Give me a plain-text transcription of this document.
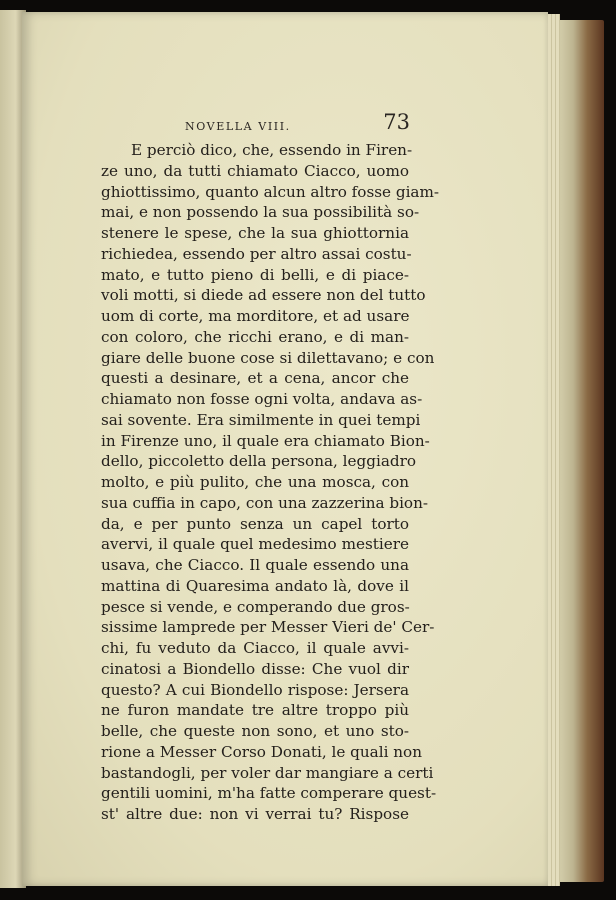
NOVELLA VIII.	73
E perciò dico, che, essendo in Firen-
ze uno, da tutti chiamato Ciacco, uomo
ghiottissimo, quanto alcun altro fosse giam-
mai, e non possendo la sua possibilità so-
stenere le spese, che la sua ghiottornia
richiedea, essendo per altro assai costu-
mato, e tutto pieno di belli, e di piace-
voli motti, si diede ad essere non del tutto
uom di corte, ma morditore, et ad usare
con coloro, che ricchi erano, e di man-
giare delle buone cose si dilettavano; e con
questi a desinare, et a cena, ancor che
chiamato non fosse ogni volta, andava as-
sai sovente. Era similmente in quei tempi
in Firenze uno, il quale era chiamato Bion-
dello, piccoletto della persona, leggiadro
molto, e più pulito, che una mosca, con
sua cuffia in capo, con una zazzerina bion-
da, e per punto senza un capel torto
avervi, il quale quel medesimo mestiere
usava, che Ciacco. Il quale essendo una
mattina di Quaresima andato là, dove il
pesce si vende, e comperando due gros-
sissime lamprede per Messer Vieri de' Cer-
chi, fu veduto da Ciacco, il quale avvi-
cinatosi a Biondello disse: Che vuol dir
questo? A cui Biondello rispose: Jersera
ne furon mandate tre altre troppo più
belle, che queste non sono, et uno sto-
rione a Messer Corso Donati, le quali non
bastandogli, per voler dar mangiare a certi
gentili uomini, m'ha fatte comperare quest-
st' altre due: non vi verrai tu? Rispose
